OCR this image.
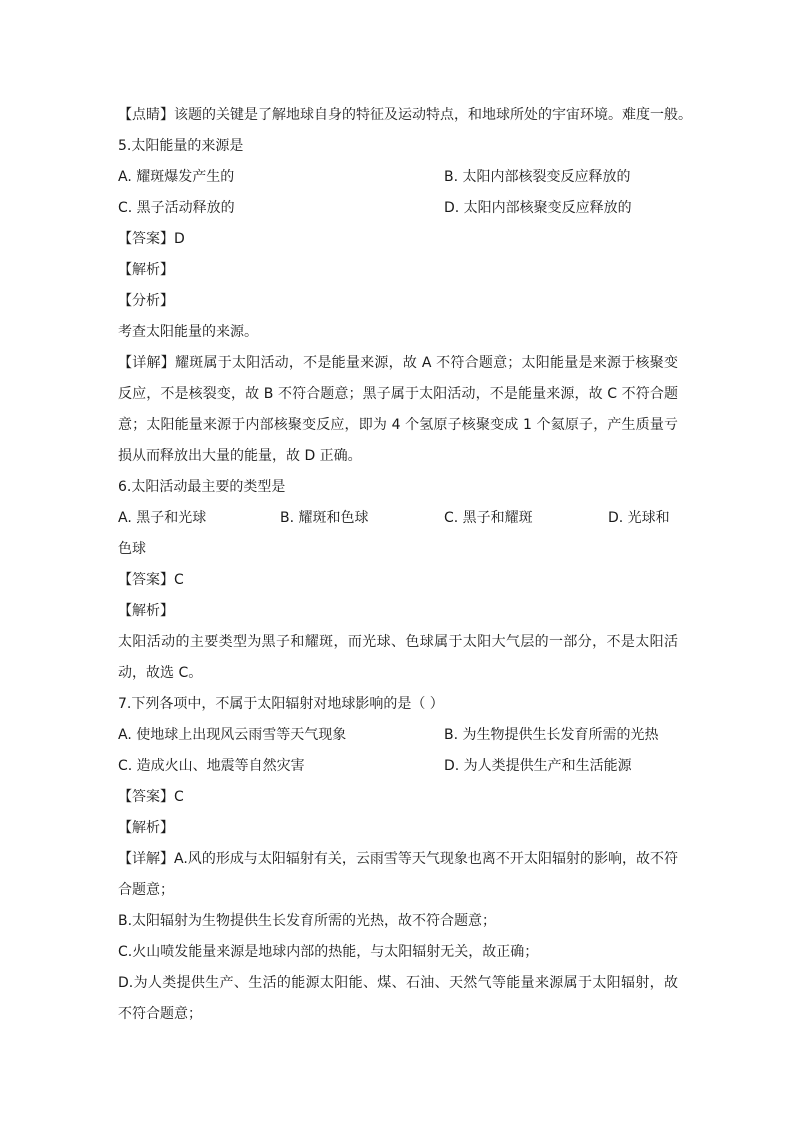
【点睛】该题的关键是了解地球自身的特征及运动特点，和地球所处的宇宙环境。难度一般。
5.太阳能量的来源是
A. 耀斑爆发产生的	B. 太阳内部核裂变反应释放的
C. 黑子活动释放的	D. 太阳内部核聚变反应释放的
【答案】D
【解析】
【分析】
考查太阳能量的来源。
【详解】耀斑属于太阳活动，不是能量来源，故 A 不符合题意；太阳能量是来源于核聚变反应，不是核裂变，故 B 不符合题意；黑子属于太阳活动，不是能量来源，故 C 不符合题意；太阳能量来源于内部核聚变反应，即为 4 个氢原子核聚变成 1 个氦原子，产生质量亏损从而释放出大量的能量，故 D 正确。
6.太阳活动最主要的类型是
A. 黑子和光球	B. 耀斑和色球	C. 黑子和耀斑	D. 光球和
色球
【答案】C
【解析】
太阳活动的主要类型为黑子和耀斑，而光球、色球属于太阳大气层的一部分，不是太阳活动，故选 C。
7.下列各项中，不属于太阳辐射对地球影响的是（ ）
A. 使地球上出现风云雨雪等天气现象	B. 为生物提供生长发育所需的光热
C. 造成火山、地震等自然灾害	D. 为人类提供生产和生活能源
【答案】C
【解析】
【详解】A.风的形成与太阳辐射有关，云雨雪等天气现象也离不开太阳辐射的影响，故不符合题意；
B.太阳辐射为生物提供生长发育所需的光热，故不符合题意；
C.火山喷发能量来源是地球内部的热能，与太阳辐射无关，故正确；
D.为人类提供生产、生活的能源太阳能、煤、石油、天然气等能量来源属于太阳辐射，故不符合题意；
